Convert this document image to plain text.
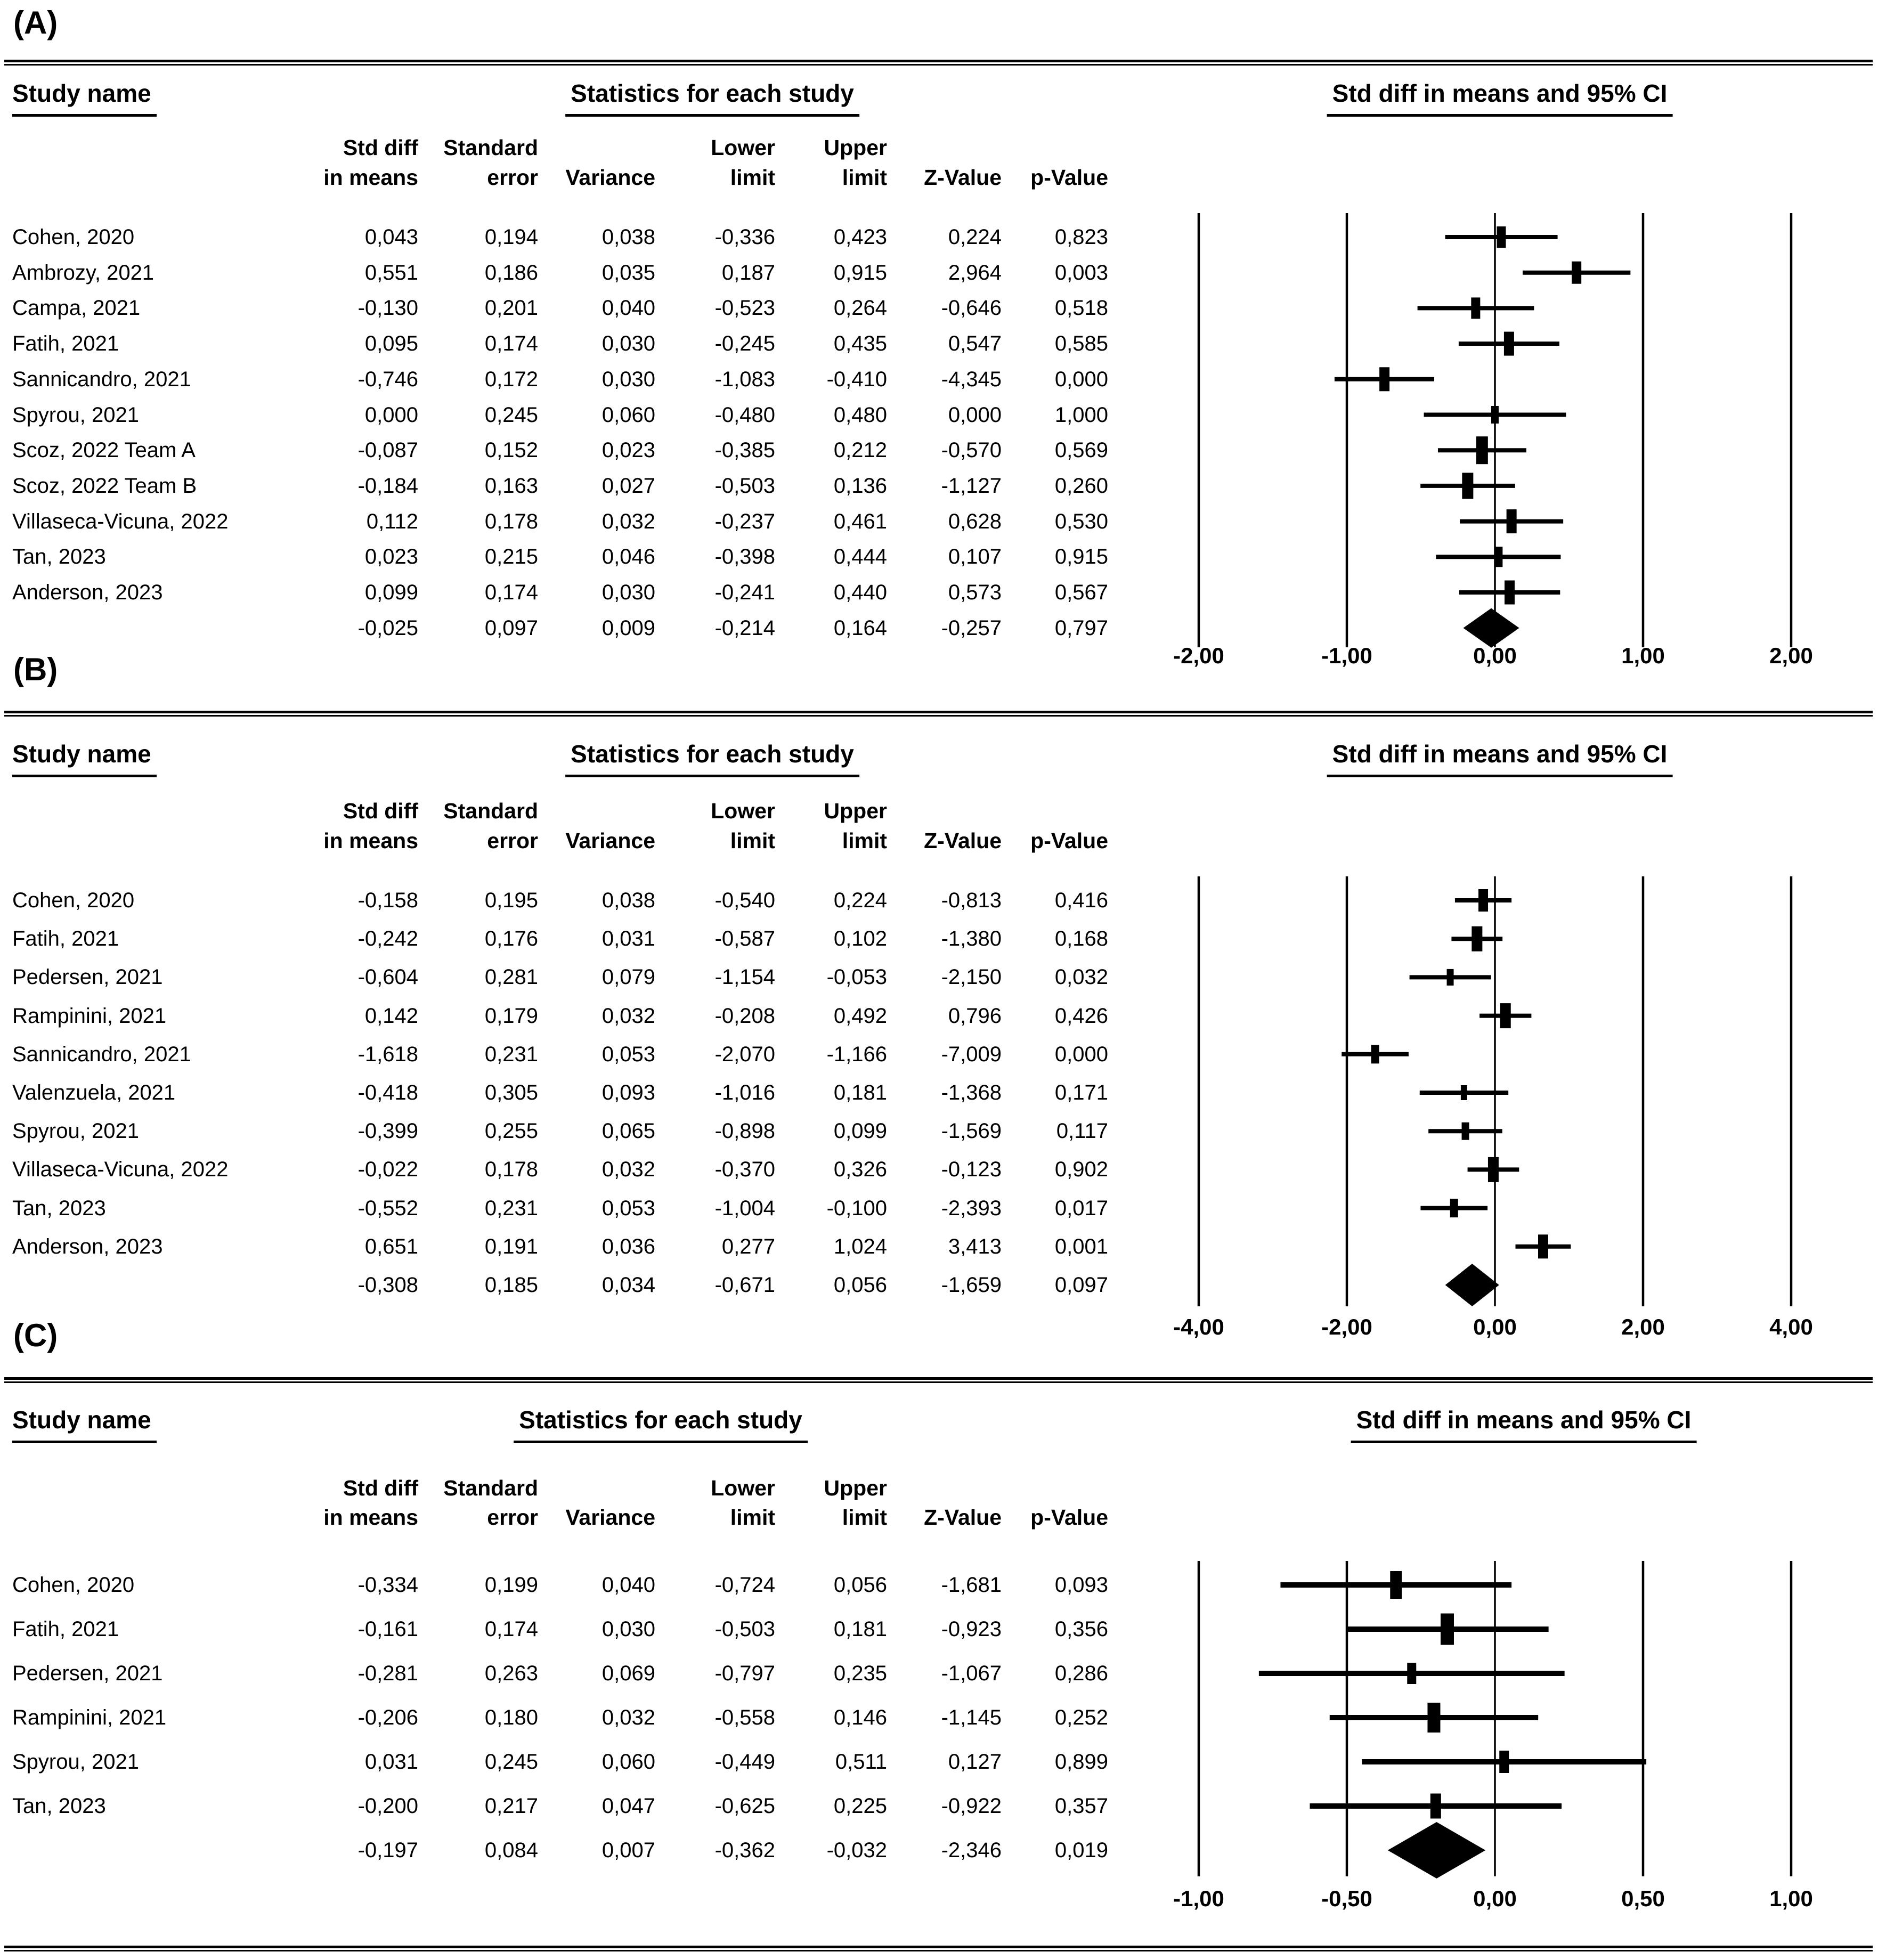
(A)
Study name	Statistics for each study	Std diff in means and 95% CI
Std diff	Standard	Lower	Upper
in means	error	Variance	limit	limit	Z-Value	p-Value
Cohen, 2020	0,043	0,194	0,038	-0,336	0,423	0,224	0,823
Ambrozy, 2021	0,551	0,186	0,035	0,187	0,915	2,964	0,003
Campa, 2021	-0,130	0,201	0,040	-0,523	0,264	-0,646	0,518
Fatih, 2021	0,095	0,174	0,030	-0,245	0,435	0,547	0,585
Sannicandro, 2021	-0,746	0,172	0,030	-1,083	-0,410	-4,345	0,000
Spyrou, 2021	0,000	0,245	0,060	-0,480	0,480	0,000	1,000
Scoz, 2022 Team A	-0,087	0,152	0,023	-0,385	0,212	-0,570	0,569
Scoz, 2022 Team B	-0,184	0,163	0,027	-0,503	0,136	-1,127	0,260
Villaseca-Vicuna, 2022	0,112	0,178	0,032	-0,237	0,461	0,628	0,530
Tan, 2023	0,023	0,215	0,046	-0,398	0,444	0,107	0,915
Anderson, 2023	0,099	0,174	0,030	-0,241	0,440	0,573	0,567
-0,025	0,097	0,009	-0,214	0,164	-0,257	0,797
(B)
Study name	Statistics for each study	Std diff in means and 95% CI
Std diff	Standard	Lower	Upper
in means	error	Variance	limit	limit	Z-Value	p-Value
Cohen, 2020	-0,158	0,195	0,038	-0,540	0,224	-0,813	0,416
Fatih, 2021	-0,242	0,176	0,031	-0,587	0,102	-1,380	0,168
Pedersen, 2021	-0,604	0,281	0,079	-1,154	-0,053	-2,150	0,032
Rampinini, 2021	0,142	0,179	0,032	-0,208	0,492	0,796	0,426
Sannicandro, 2021	-1,618	0,231	0,053	-2,070	-1,166	-7,009	0,000
Valenzuela, 2021	-0,418	0,305	0,093	-1,016	0,181	-1,368	0,171
Spyrou, 2021	-0,399	0,255	0,065	-0,898	0,099	-1,569	0,117
Villaseca-Vicuna, 2022	-0,022	0,178	0,032	-0,370	0,326	-0,123	0,902
Tan, 2023	-0,552	0,231	0,053	-1,004	-0,100	-2,393	0,017
Anderson, 2023	0,651	0,191	0,036	0,277	1,024	3,413	0,001
-0,308	0,185	0,034	-0,671	0,056	-1,659	0,097
(C)
Study name	Statistics for each study	Std diff in means and 95% CI
Std diff	Standard	Lower	Upper
in means	error	Variance	limit	limit	Z-Value	p-Value
Cohen, 2020	-0,334	0,199	0,040	-0,724	0,056	-1,681	0,093
Fatih, 2021	-0,161	0,174	0,030	-0,503	0,181	-0,923	0,356
Pedersen, 2021	-0,281	0,263	0,069	-0,797	0,235	-1,067	0,286
Rampinini, 2021	-0,206	0,180	0,032	-0,558	0,146	-1,145	0,252
Spyrou, 2021	0,031	0,245	0,060	-0,449	0,511	0,127	0,899
Tan, 2023	-0,200	0,217	0,047	-0,625	0,225	-0,922	0,357
-0,197	0,084	0,007	-0,362	-0,032	-2,346	0,019
-2,00	-1,00	0,00	1,00	2,00
-4,00	-2,00	0,00	2,00	4,00
-1,00	-0,50	0,00	0,50	1,00
